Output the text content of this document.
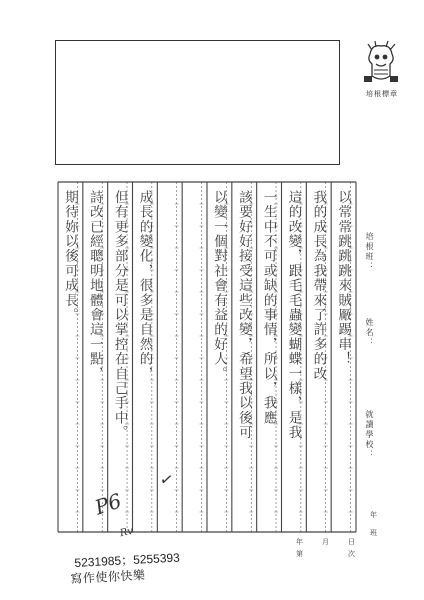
培根標章
以常常跳跳跳來賊厰踢串！
我的成長為我帶來了許多的改
這的改變，跟毛毛蟲變蝴蝶一樣，是我
一生中不可或缺的事情，所以，我應
該要好好接受這些改變，希望我以後可
以變一個對社會有益的好人。
成長的變化，很多是自然的，
但有更多部分是可以掌控在自己手中。
詩改已經聰明地體會這一點，
期待妳以後可成長。
P6
✓
Rv
培根班：
姓名：
就讀學校：
年
班
年	月	日
第	次
5231985；5255393
寫作使你快樂
